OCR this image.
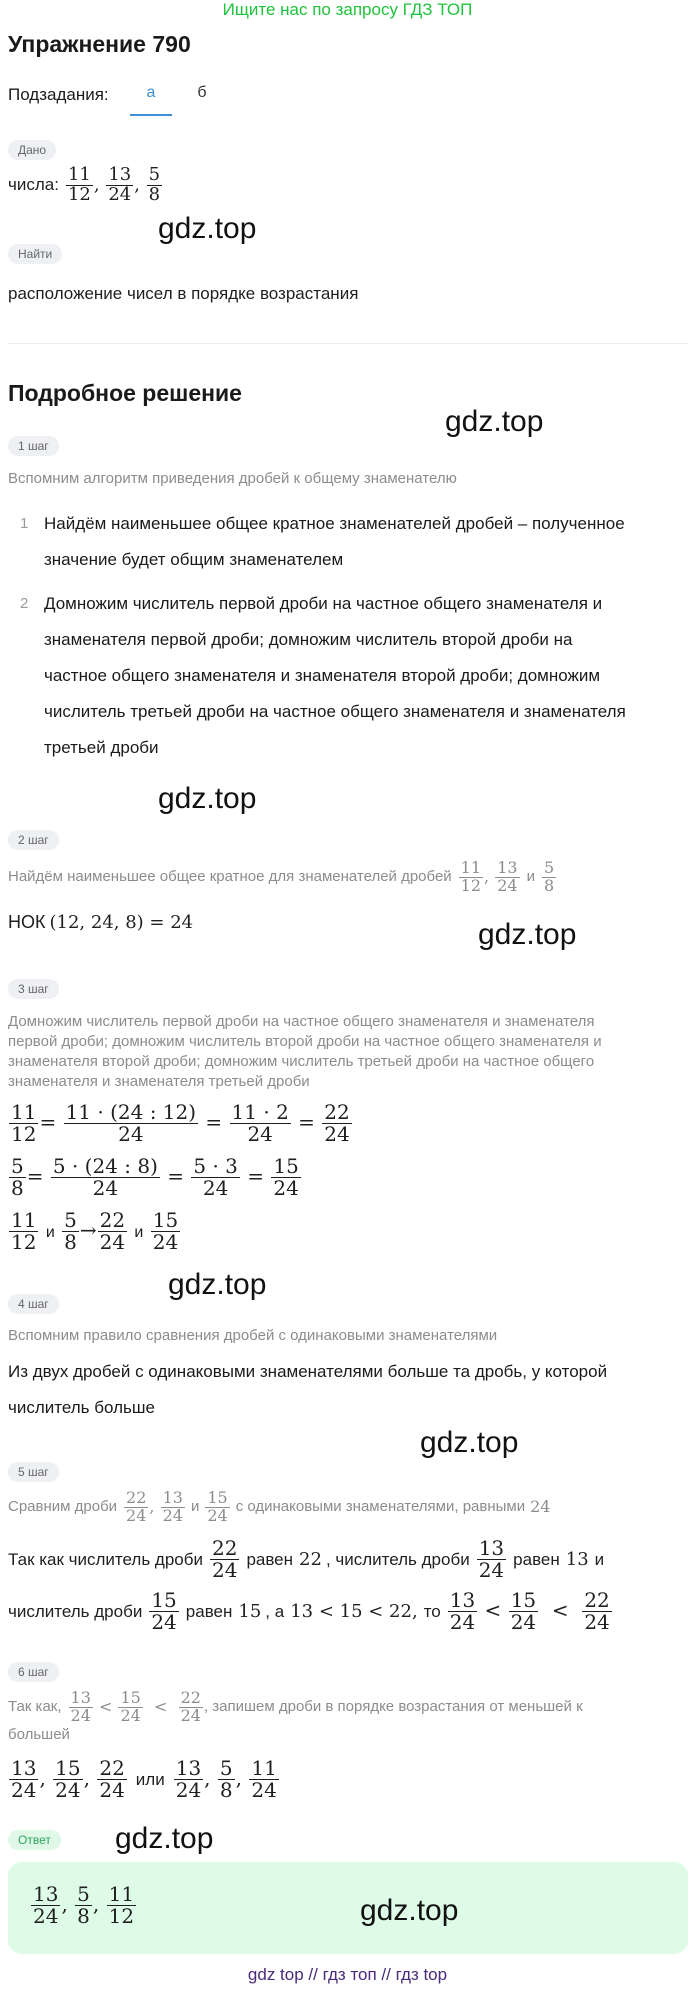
Ищите нас по запросу ГДЗ ТОП
Упражнение 790
Подзадания:	а	б
Дано
числа: $\frac{11}{12}$ , $\frac{13}{24}$ , $\frac{5}{8}$
gdz.top
Найти
расположение чисел в порядке возрастания
Подробное решение
gdz.top
1 шаг
Вспомним алгоритм приведения дробей к общему знаменателю
1 Найдём наименьшее общее кратное знаменателей дробей – полученное
значение будет общим знаменателем
2 Домножим числитель первой дроби на частное общего знаменателя и
знаменателя первой дроби; домножим числитель второй дроби на
частное общего знаменателя и знаменателя второй дроби; домножим
числитель третьей дроби на частное общего знаменателя и знаменателя
третьей дроби
gdz.top
2 шаг
Найдём наименьшее общее кратное для знаменателей дробей $\frac{11}{12}$ , $\frac{13}{24}$ и $\frac{5}{8}$
НОК (12, 24, 8) = 24	gdz.top
3 шаг
Домножим числитель первой дроби на частное общего знаменателя и знаменателя
первой дроби; домножим числитель второй дроби на частное общего знаменателя и
знаменателя второй дроби; домножим числитель третьей дроби на частное общего
знаменателя и знаменателя третьей дроби
$\frac{11}{12} = \frac{11 \cdot (24 : 12)}{24} = \frac{11 \cdot 2}{24} = \frac{22}{24}$
$\frac{5}{8} = \frac{5 \cdot (24 : 8)}{24} = \frac{5 \cdot 3}{24} = \frac{15}{24}$
$\frac{11}{12}$ и $\frac{5}{8} \to \frac{22}{24}$ и $\frac{15}{24}$
gdz.top
4 шаг
Вспомним правило сравнения дробей с одинаковыми знаменателями
Из двух дробей с одинаковыми знаменателями больше та дробь, у которой
числитель больше
gdz.top
5 шаг
Сравним дроби $\frac{22}{24}$ , $\frac{13}{24}$ и $\frac{15}{24}$ с одинаковыми знаменателями, равными 24
Так как числитель дроби $\frac{22}{24}$ равен 22 , числитель дроби $\frac{13}{24}$ равен 13 и
числитель дроби $\frac{15}{24}$ равен 15 , а 13 < 15 < 22, то $\frac{13}{24} < \frac{15}{24} < \frac{22}{24}$
6 шаг
Так как, $\frac{13}{24} < \frac{15}{24} < \frac{22}{24}$ , запишем дроби в порядке возрастания от меньшей к
большей
$\frac{13}{24}$ , $\frac{15}{24}$ , $\frac{22}{24}$ или $\frac{13}{24}$ , $\frac{5}{8}$ , $\frac{11}{24}$
Ответ	gdz.top
$\frac{13}{24}$ , $\frac{5}{8}$ , $\frac{11}{12}$	gdz.top
gdz top // гдз топ // гдз top
